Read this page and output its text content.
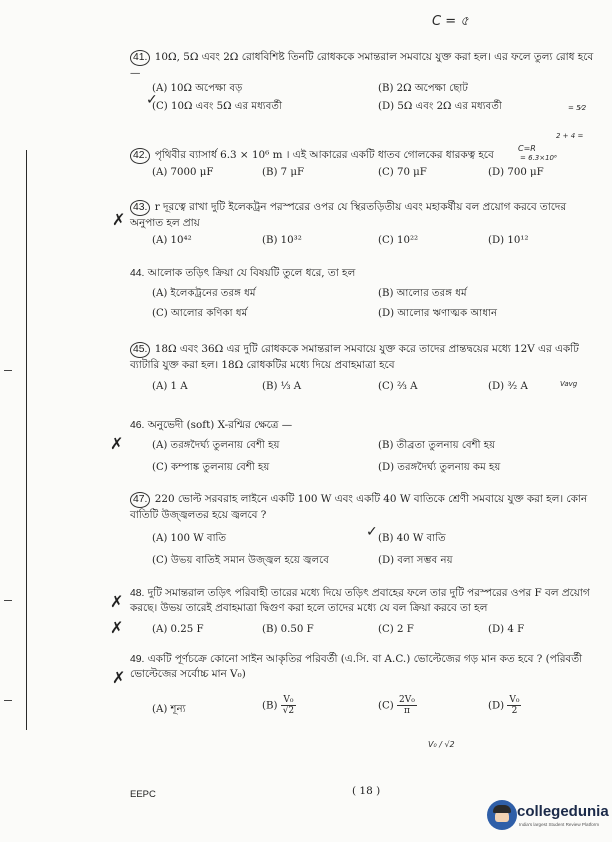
C = ৫
41. 10Ω, 5Ω এবং 2Ω রোধবিশিষ্ট তিনটি রোধককে সমান্তরাল সমবায়ে যুক্ত করা হল। এর ফলে তুল্য রোধ হবে —
(A) 10Ω অপেক্ষা বড়	(B) 2Ω অপেক্ষা ছোট
(C) 10Ω এবং 5Ω এর মধ্যবর্তী	(D) 5Ω এবং 2Ω এর মধ্যবর্তী
42. পৃথিবীর ব্যাসার্ধ 6.3 × 10⁶ m । এই আকারের একটি ধাতব গোলকের ধারকত্ব হবে
(A) 7000 μF	(B) 7 μF	(C) 70 μF	(D) 700 μF
43. r দূরত্বে রাখা দুটি ইলেকট্রন পরস্পরের ওপর যে স্থিরতড়িতীয় এবং মহাকর্ষীয় বল প্রয়োগ করবে তাদের অনুপাত হল প্রায়
(A) 10⁴²	(B) 10³²	(C) 10²²	(D) 10¹²
44. আলোক তড়িৎ ক্রিয়া যে বিষয়টি তুলে ধরে, তা হল
(A) ইলেকট্রনের তরঙ্গ ধর্ম	(B) আলোর তরঙ্গ ধর্ম
(C) আলোর কণিকা ধর্ম	(D) আলোর ঋণাত্মক আধান
45. 18Ω এবং 36Ω এর দুটি রোধককে সমান্তরাল সমবায়ে যুক্ত করে তাদের প্রান্তদ্বয়ের মধ্যে 12V এর একটি ব্যাটারি যুক্ত করা হল। 18Ω রোধকটির মধ্যে দিয়ে প্রবাহমাত্রা হবে
(A) 1 A	(B) ⅓ A	(C) ⅔ A	(D) ³⁄₂ A
46. অনুভেদী (soft) X-রশ্মির ক্ষেত্রে —
(A) তরঙ্গদৈর্ঘ্য তুলনায় বেশী হয়	(B) তীব্রতা তুলনায় বেশী হয়
(C) কম্পাঙ্ক তুলনায় বেশী হয়	(D) তরঙ্গদৈর্ঘ্য তুলনায় কম হয়
47. 220 ভোল্ট সরবরাহ লাইনে একটি 100 W এবং একটি 40 W বাতিকে শ্রেণী সমবায়ে যুক্ত করা হল। কোন বাতিটি উজ্জ্বলতর হয়ে জ্বলবে ?
(A) 100 W বাতি	(B) 40 W বাতি
(C) উভয় বাতিই সমান উজ্জ্বল হয়ে জ্বলবে	(D) বলা সম্ভব নয়
48. দুটি সমান্তরাল তড়িৎ পরিবাহী তারের মধ্যে দিয়ে তড়িৎ প্রবাহের ফলে তার দুটি পরস্পরের ওপর F বল প্রয়োগ করছে। উভয় তারেই প্রবাহমাত্রা দ্বিগুণ করা হলে তাদের মধ্যে যে বল ক্রিয়া করবে তা হল
(A) 0.25 F	(B) 0.50 F	(C) 2 F	(D) 4 F
49. একটি পূর্ণচক্রে কোনো সাইন আকৃতির পরিবর্তী (এ.সি. বা A.C.) ভোল্টেজের গড় মান কত হবে ? (পরিবর্তী ভোল্টেজের সর্বোচ্চ মান V₀)
(A) শূন্য	$(B) \frac{\text{V₀}}{√2}$	$(C) \frac{\text{2V₀}}{\pi}$	$(D) \frac{\text{V₀}}{2}$
✗
✗
✗
✗
✗
✓
✓
C=R
= 6.3×10⁶
2 + 4 =
= 5⁄2
V₀ / √2
Vavg
EEPC	( 18 )
collegedunia
India's largest Student Review Platform
